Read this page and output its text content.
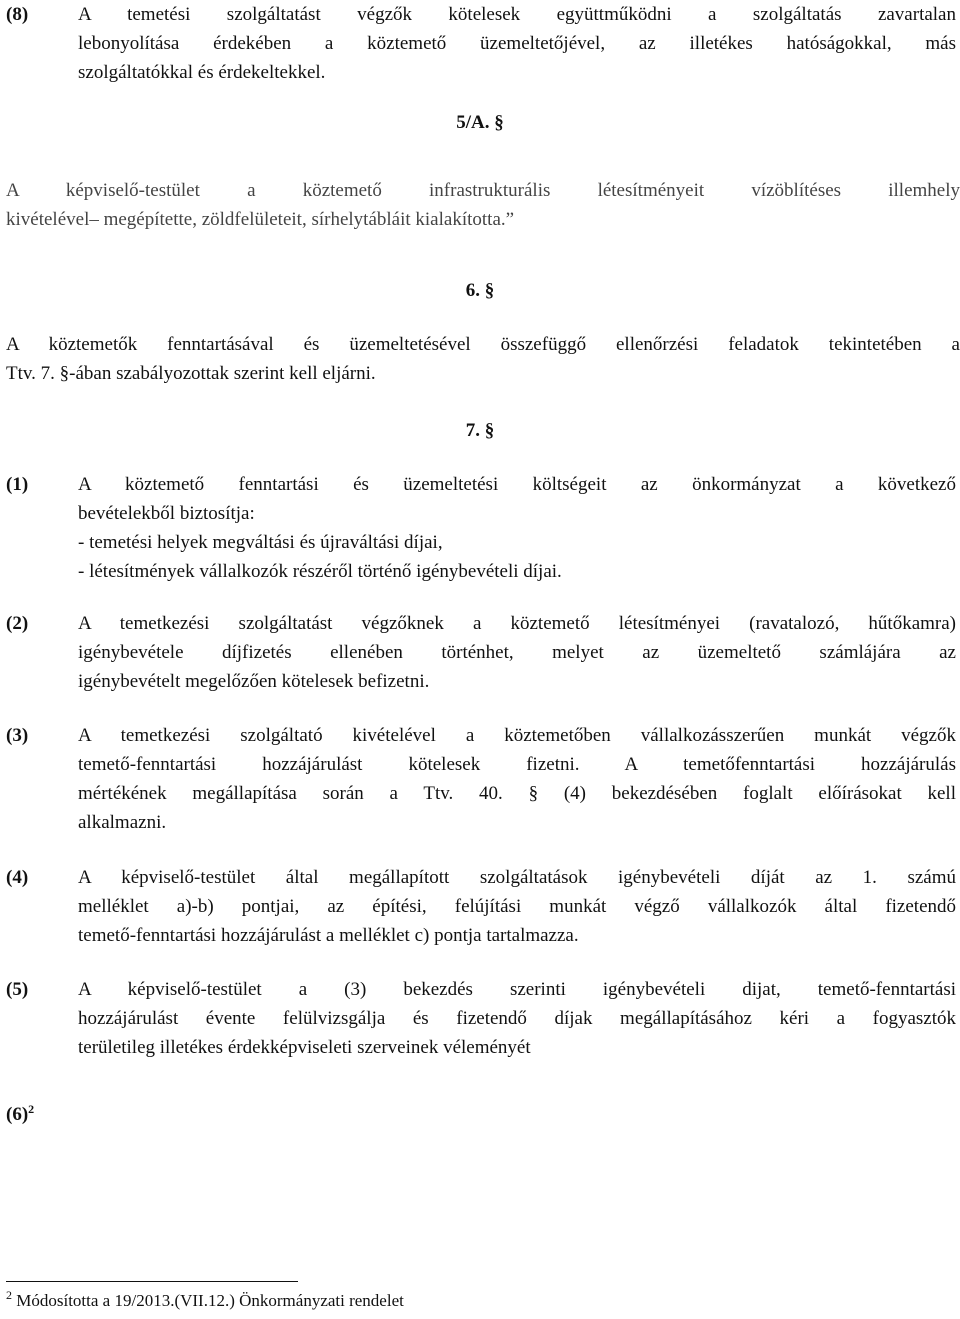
(8)	A temetési szolgáltatást végzők kötelesek együttműködni a szolgáltatás zavartalan
lebonyolítása érdekében a köztemető üzemeltetőjével, az illetékes hatóságokkal, más
szolgáltatókkal és érdekeltekkel.
5/A. §
A képviselő-testület a köztemető infrastrukturális létesítményeit vízöblítéses illemhely
kivételével– megépítette, zöldfelületeit, sírhelytábláit kialakította.”
6. §
A köztemetők fenntartásával és üzemeltetésével összefüggő ellenőrzési feladatok tekintetében a
Ttv. 7. §-ában szabályozottak szerint kell eljárni.
7. §
(1)	A köztemető fenntartási és üzemeltetési költségeit az önkormányzat a következő
bevételekből biztosítja:
- temetési helyek megváltási és újraváltási díjai,
- létesítmények vállalkozók részéről történő igénybevételi díjai.
(2)	A temetkezési szolgáltatást végzőknek a köztemető létesítményei (ravatalozó, hűtőkamra)
igénybevétele díjfizetés ellenében történhet, melyet az üzemeltető számlájára az
igénybevételt megelőzően kötelesek befizetni.
(3)	A temetkezési szolgáltató kivételével a köztemetőben vállalkozásszerűen munkát végzők
temető-fenntartási hozzájárulást kötelesek fizetni. A temetőfenntartási hozzájárulás
mértékének megállapítása során a Ttv. 40. § (4) bekezdésében foglalt előírásokat kell
alkalmazni.
(4)	A képviselő-testület által megállapított szolgáltatások igénybevételi díját az 1. számú
melléklet a)-b) pontjai, az építési, felújítási munkát végző vállalkozók által fizetendő
temető-fenntartási hozzájárulást a melléklet c) pontja tartalmazza.
(5)	A képviselő-testület a (3) bekezdés szerinti igénybevételi dijat, temető-fenntartási
hozzájárulást évente felülvizsgálja és fizetendő díjak megállapításához kéri a fogyasztók
területileg illetékes érdekképviseleti szerveinek véleményét
$(6)^2$
$^2$ Módosította a 19/2013.(VII.12.) Önkormányzati rendelet
